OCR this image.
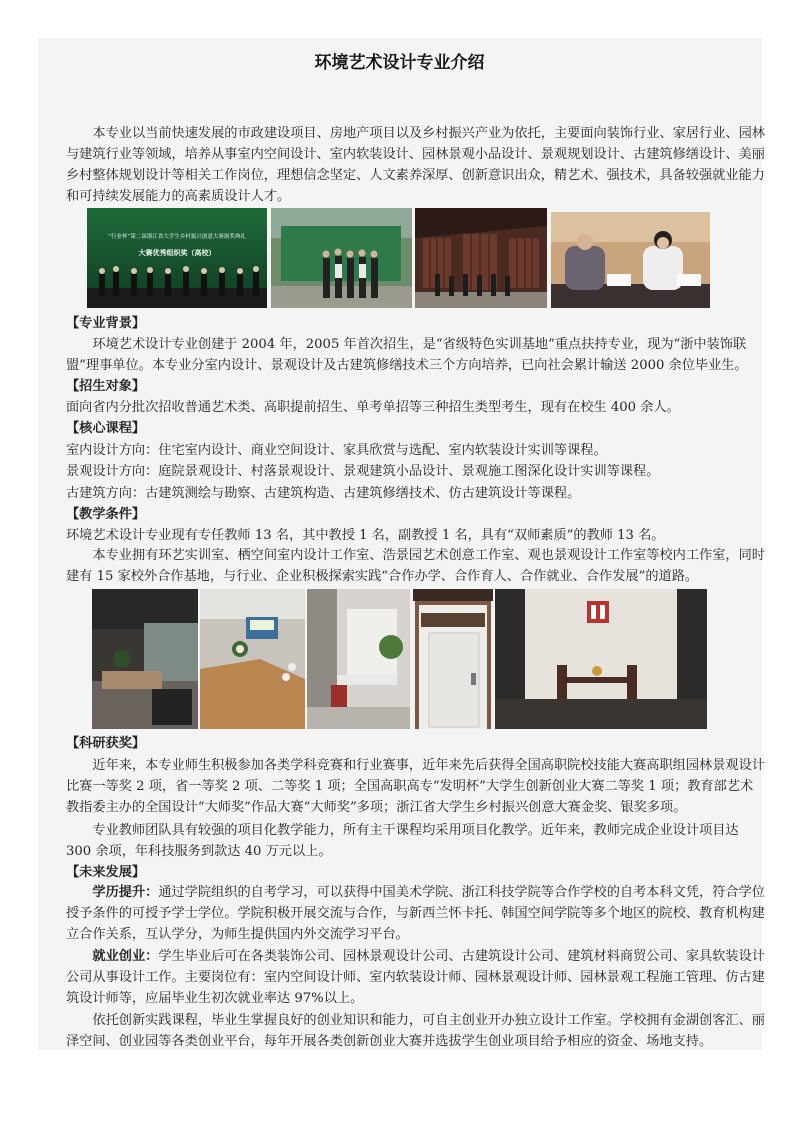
环境艺术设计专业介绍

本专业以当前快速发展的市政建设项目、房地产项目以及乡村振兴产业为依托，主要面向装饰行业、家居行业、园林与建筑行业等领域，培养从事室内空间设计、室内软装设计、园林景观小品设计、景观规划设计、古建筑修缮设计、美丽乡村整体规划设计等相关工作岗位，理想信念坚定、人文素养深厚、创新意识出众，精艺术、强技术，具备较强就业能力和可持续发展能力的高素质设计人才。

“行业杯”第二届浙江省大学生乡村振兴创意大赛颁奖典礼
大赛优秀组织奖（高校）
【专业背景】

环境艺术设计专业创建于 2004 年，2005 年首次招生，是“省级特色实训基地”重点扶持专业，现为“浙中装饰联盟”理事单位。本专业分室内设计、景观设计及古建筑修缮技术三个方向培养，已向社会累计输送 2000 余位毕业生。

【招生对象】
面向省内分批次招收普通艺术类、高职提前招生、单考单招等三种招生类型考生，现有在校生 400 余人。
【核心课程】
室内设计方向：住宅室内设计、商业空间设计、家具欣赏与选配、室内软装设计实训等课程。
景观设计方向：庭院景观设计、村落景观设计、景观建筑小品设计、景观施工图深化设计实训等课程。
古建筑方向：古建筑测绘与勘察、古建筑构造、古建筑修缮技术、仿古建筑设计等课程。
【教学条件】
环境艺术设计专业现有专任教师 13 名，其中教授 1 名，副教授 1 名，具有“双师素质”的教师 13 名。

本专业拥有环艺实训室、栖空间室内设计工作室、浩景园艺术创意工作室、观也景观设计工作室等校内工作室，同时建有 15 家校外合作基地，与行业、企业积极探索实践“合作办学、合作育人、合作就业、合作发展”的道路。

【科研获奖】

近年来，本专业师生积极参加各类学科竞赛和行业赛事，近年来先后获得全国高职院校技能大赛高职组园林景观设计比赛一等奖 2 项，省一等奖 2 项、二等奖 1 项；全国高职高专“发明杯”大学生创新创业大赛二等奖 1 项；教育部艺术教指委主办的全国设计“大师奖”作品大赛“大师奖”多项；浙江省大学生乡村振兴创意大赛金奖、银奖多项。

专业教师团队具有较强的项目化教学能力，所有主干课程均采用项目化教学。近年来，教师完成企业设计项目达 300 余项，年科技服务到款达 40 万元以上。

【未来发展】

学历提升：通过学院组织的自考学习，可以获得中国美术学院、浙江科技学院等合作学校的自考本科文凭，符合学位授予条件的可授予学士学位。学院积极开展交流与合作，与新西兰怀卡托、韩国空间学院等多个地区的院校、教育机构建立合作关系，互认学分，为师生提供国内外交流学习平台。

就业创业：学生毕业后可在各类装饰公司、园林景观设计公司、古建筑设计公司、建筑材料商贸公司、家具软装设计公司从事设计工作。主要岗位有：室内空间设计师、室内软装设计师、园林景观设计师、园林景观工程施工管理、仿古建筑设计师等，应届毕业生初次就业率达 97%以上。

依托创新实践课程，毕业生掌握良好的创业知识和能力，可自主创业开办独立设计工作室。学校拥有金湖创客汇、丽泽空间、创业园等各类创业平台，每年开展各类创新创业大赛并选拔学生创业项目给予相应的资金、场地支持。
